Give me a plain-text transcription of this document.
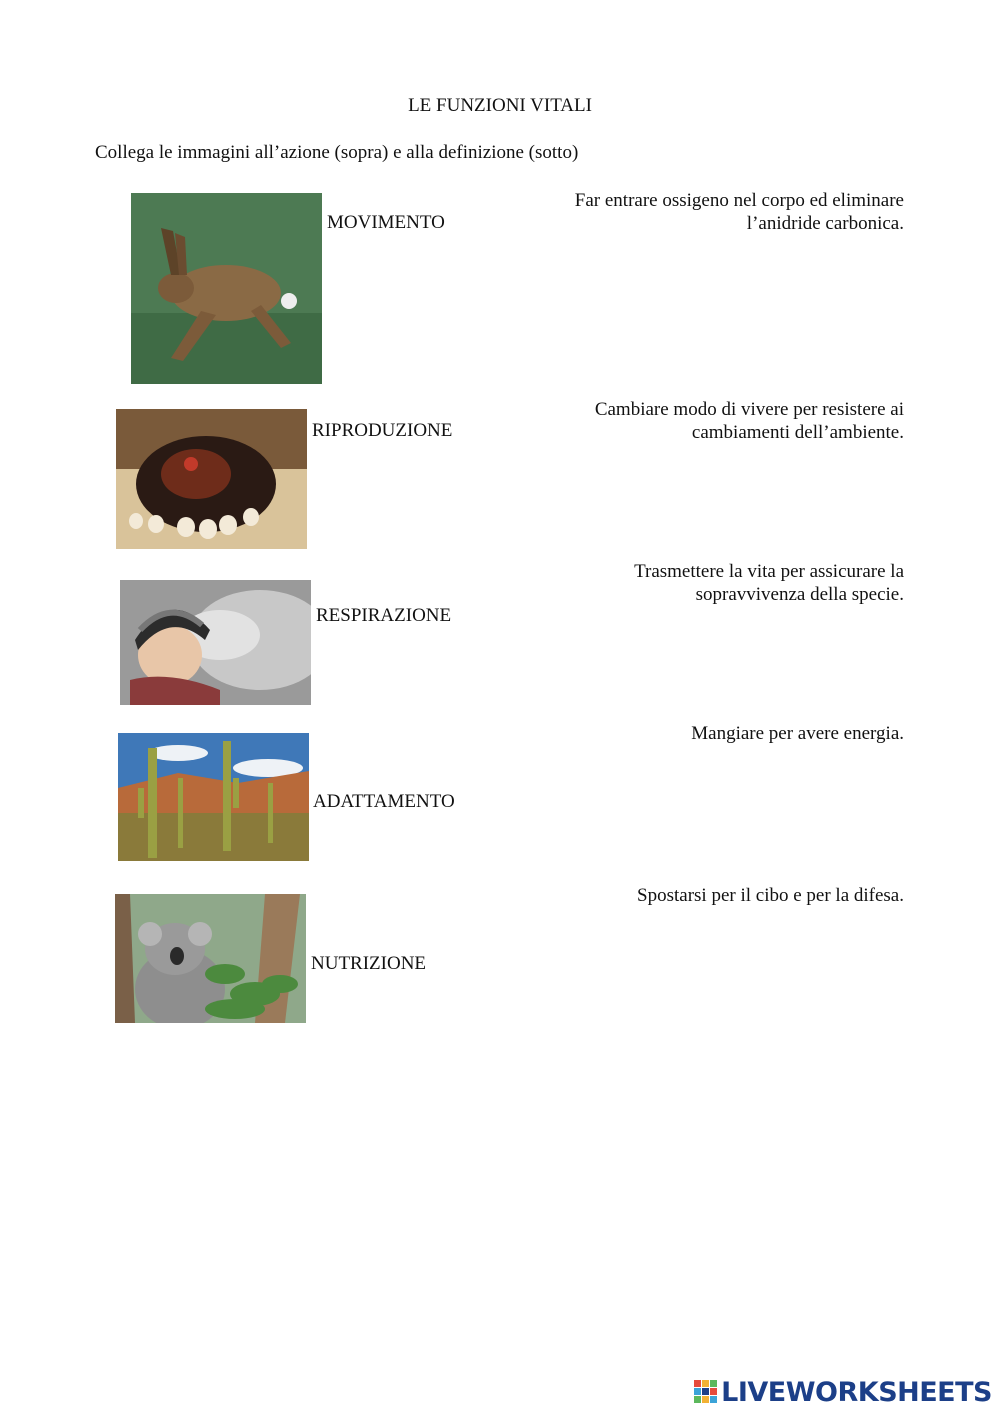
LE FUNZIONI VITALI
Collega le immagini all’azione (sopra) e alla definizione (sotto)
MOVIMENTO
RIPRODUZIONE
RESPIRAZIONE
ADATTAMENTO
NUTRIZIONE
Far entrare ossigeno nel corpo ed eliminare
l’anidride carbonica.
Cambiare modo di vivere per resistere ai
cambiamenti dell’ambiente.
Trasmettere la vita per assicurare la
sopravvivenza della specie.
Mangiare per avere energia.
Spostarsi per il cibo e per la difesa.
LIVEWORKSHEETS
